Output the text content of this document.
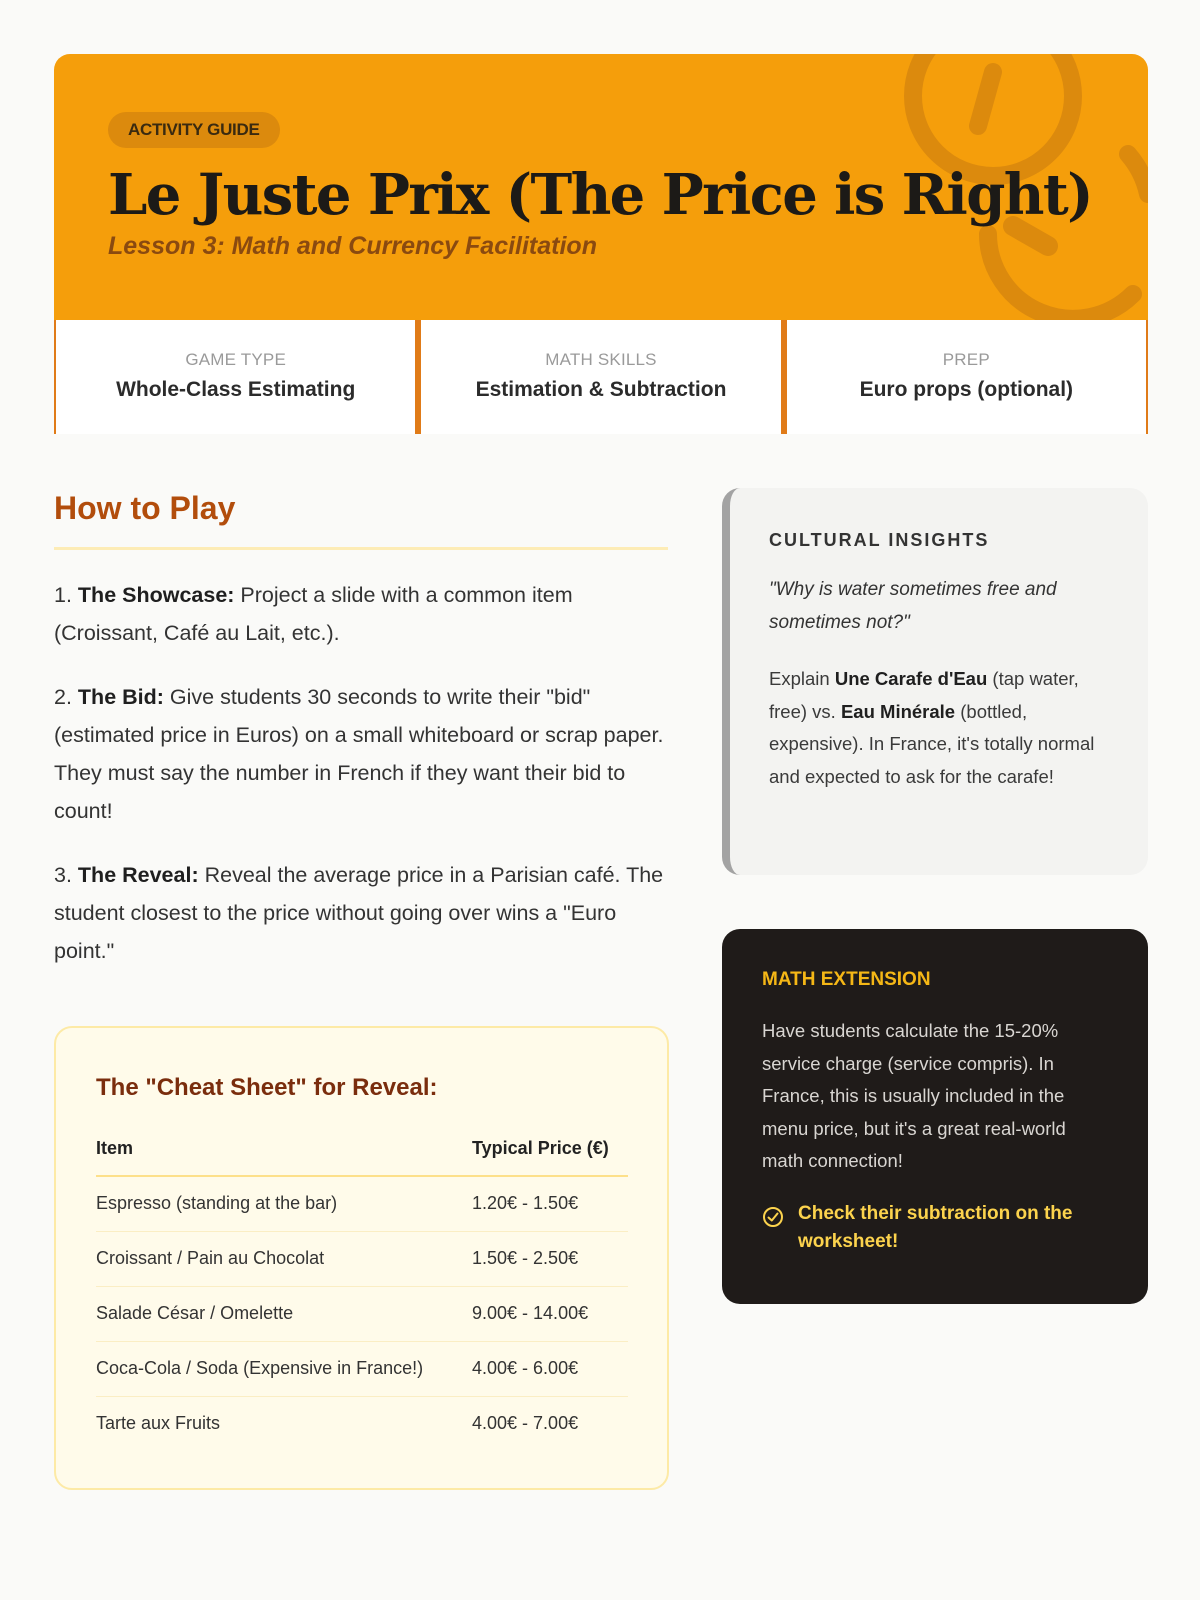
ACTIVITY GUIDE
Le Juste Prix (The Price is Right)
Lesson 3: Math and Currency Facilitation
GAME TYPE
Whole-Class Estimating
MATH SKILLS
Estimation & Subtraction
PREP
Euro props (optional)
How to Play

1. The Showcase: Project a slide with a common item (Croissant, Café au Lait, etc.).

2. The Bid: Give students 30 seconds to write their "bid" (estimated price in Euros) on a small whiteboard or scrap paper. They must say the number in French if they want their bid to count!

3. The Reveal: Reveal the average price in a Parisian café. The student closest to the price without going over wins a "Euro point."

The "Cheat Sheet" for Reveal:
Item	Typical Price (€)
Espresso (standing at the bar)	1.20€ - 1.50€
Croissant / Pain au Chocolat	1.50€ - 2.50€
Salade César / Omelette	9.00€ - 14.00€
Coca-Cola / Soda (Expensive in France!)	4.00€ - 6.00€
Tarte aux Fruits	4.00€ - 7.00€
CULTURAL INSIGHTS

"Why is water sometimes free and sometimes not?"

Explain Une Carafe d'Eau (tap water, free) vs. Eau Minérale (bottled, expensive). In France, it's totally normal and expected to ask for the carafe!

MATH EXTENSION

Have students calculate the 15-20% service charge (service compris). In France, this is usually included in the menu price, but it's a great real-world math connection!

Check their subtraction on the worksheet!
